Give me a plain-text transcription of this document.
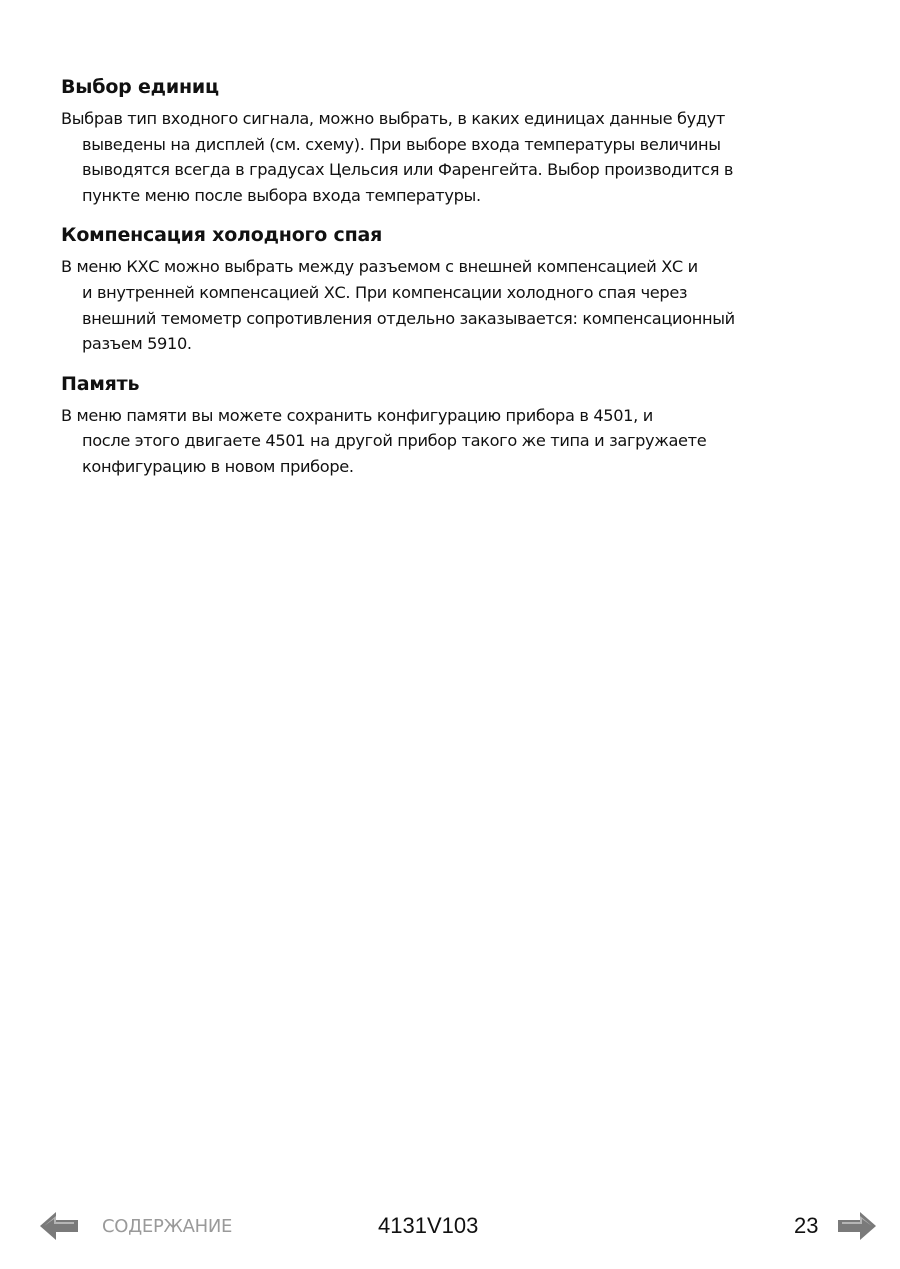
Выбор единиц

Выбрав тип входного сигнала, можно выбрать, в каких единицах данные будут
выведены на дисплей (см. схему). При выборе входа температуры величины
выводятся всегда в градусах Цельсия или Фаренгейта. Выбор производится в
пункте меню после выбора входа температуры.

Компенсация холодного спая

В меню КХС можно выбрать между разъемом с внешней компенсацией ХС и
и внутренней компенсацией ХС. При компенсации холодного спая через
внешний темометр сопротивления отдельно заказывается: компенсационный
разъем 5910.

Память

В меню памяти вы можете сохранить конфигурацию прибора в 4501, и
после этого двигаете 4501 на другой прибор такого же типа и загружаете
конфигурацию в новом приборе.

СОДЕРЖАНИЕ	4131V103	23
